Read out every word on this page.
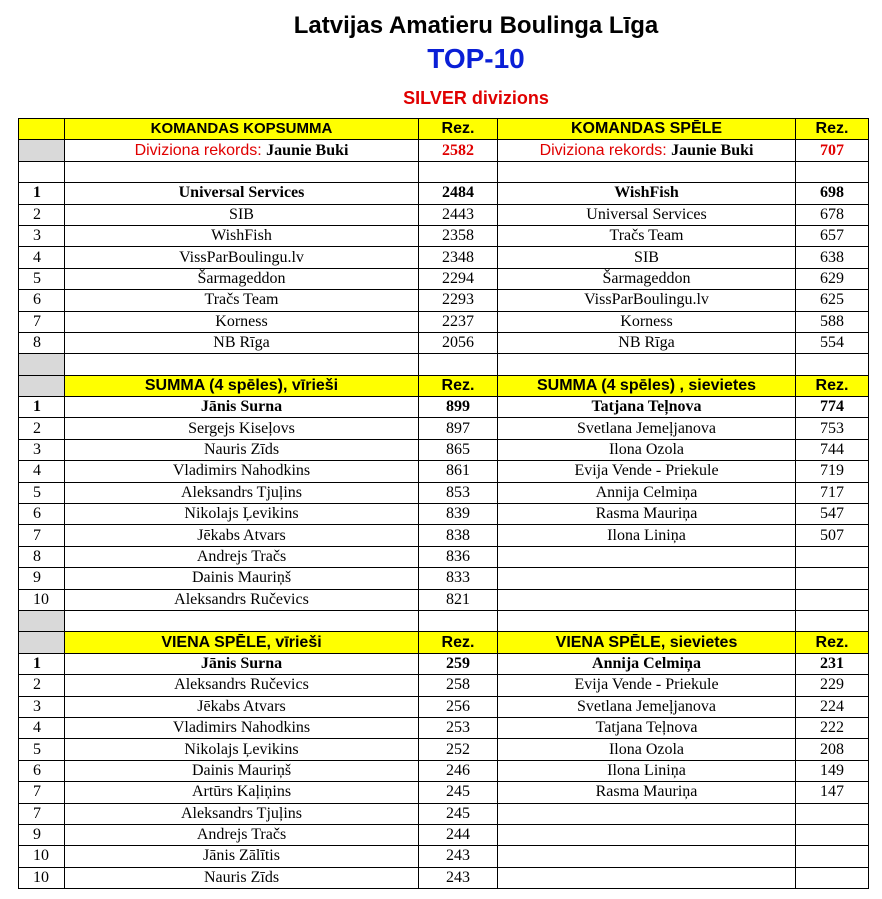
Latvijas Amatieru Boulinga Līga
TOP-10
SILVER divizions
	KOMANDAS KOPSUMMA	Rez.	KOMANDAS SPĒLE	Rez.
	Diviziona rekords: Jaunie Buki	2582	Diviziona rekords: Jaunie Buki	707

1	Universal Services	2484	WishFish	698
2	SIB	2443	Universal Services	678
3	WishFish	2358	Tračs Team	657
4	VissParBoulingu.lv	2348	SIB	638
5	Šarmageddon	2294	Šarmageddon	629
6	Tračs Team	2293	VissParBoulingu.lv	625
7	Korness	2237	Korness	588
8	NB Rīga	2056	NB Rīga	554

	SUMMA (4 spēles), vīrieši	Rez.	SUMMA (4 spēles) , sievietes	Rez.
1	Jānis Surna	899	Tatjana Teļnova	774
2	Sergejs Kiseļovs	897	Svetlana Jemeļjanova	753
3	Nauris Zīds	865	Ilona Ozola	744
4	Vladimirs Nahodkins	861	Evija Vende - Priekule	719
5	Aleksandrs Tjuļins	853	Annija Celmiņa	717
6	Nikolajs Ļevikins	839	Rasma Mauriņa	547
7	Jēkabs Atvars	838	Ilona Liniņa	507
8	Andrejs Tračs	836		
9	Dainis Mauriņš	833		
10	Aleksandrs Ručevics	821		

	VIENA SPĒLE, vīrieši	Rez.	VIENA SPĒLE, sievietes	Rez.
1	Jānis Surna	259	Annija Celmiņa	231
2	Aleksandrs Ručevics	258	Evija Vende - Priekule	229
3	Jēkabs Atvars	256	Svetlana Jemeļjanova	224
4	Vladimirs Nahodkins	253	Tatjana Teļnova	222
5	Nikolajs Ļevikins	252	Ilona Ozola	208
6	Dainis Mauriņš	246	Ilona Liniņa	149
7	Artūrs Kaļiņins	245	Rasma Mauriņa	147
7	Aleksandrs Tjuļins	245		
9	Andrejs Tračs	244		
10	Jānis Zālītis	243		
10	Nauris Zīds	243		
